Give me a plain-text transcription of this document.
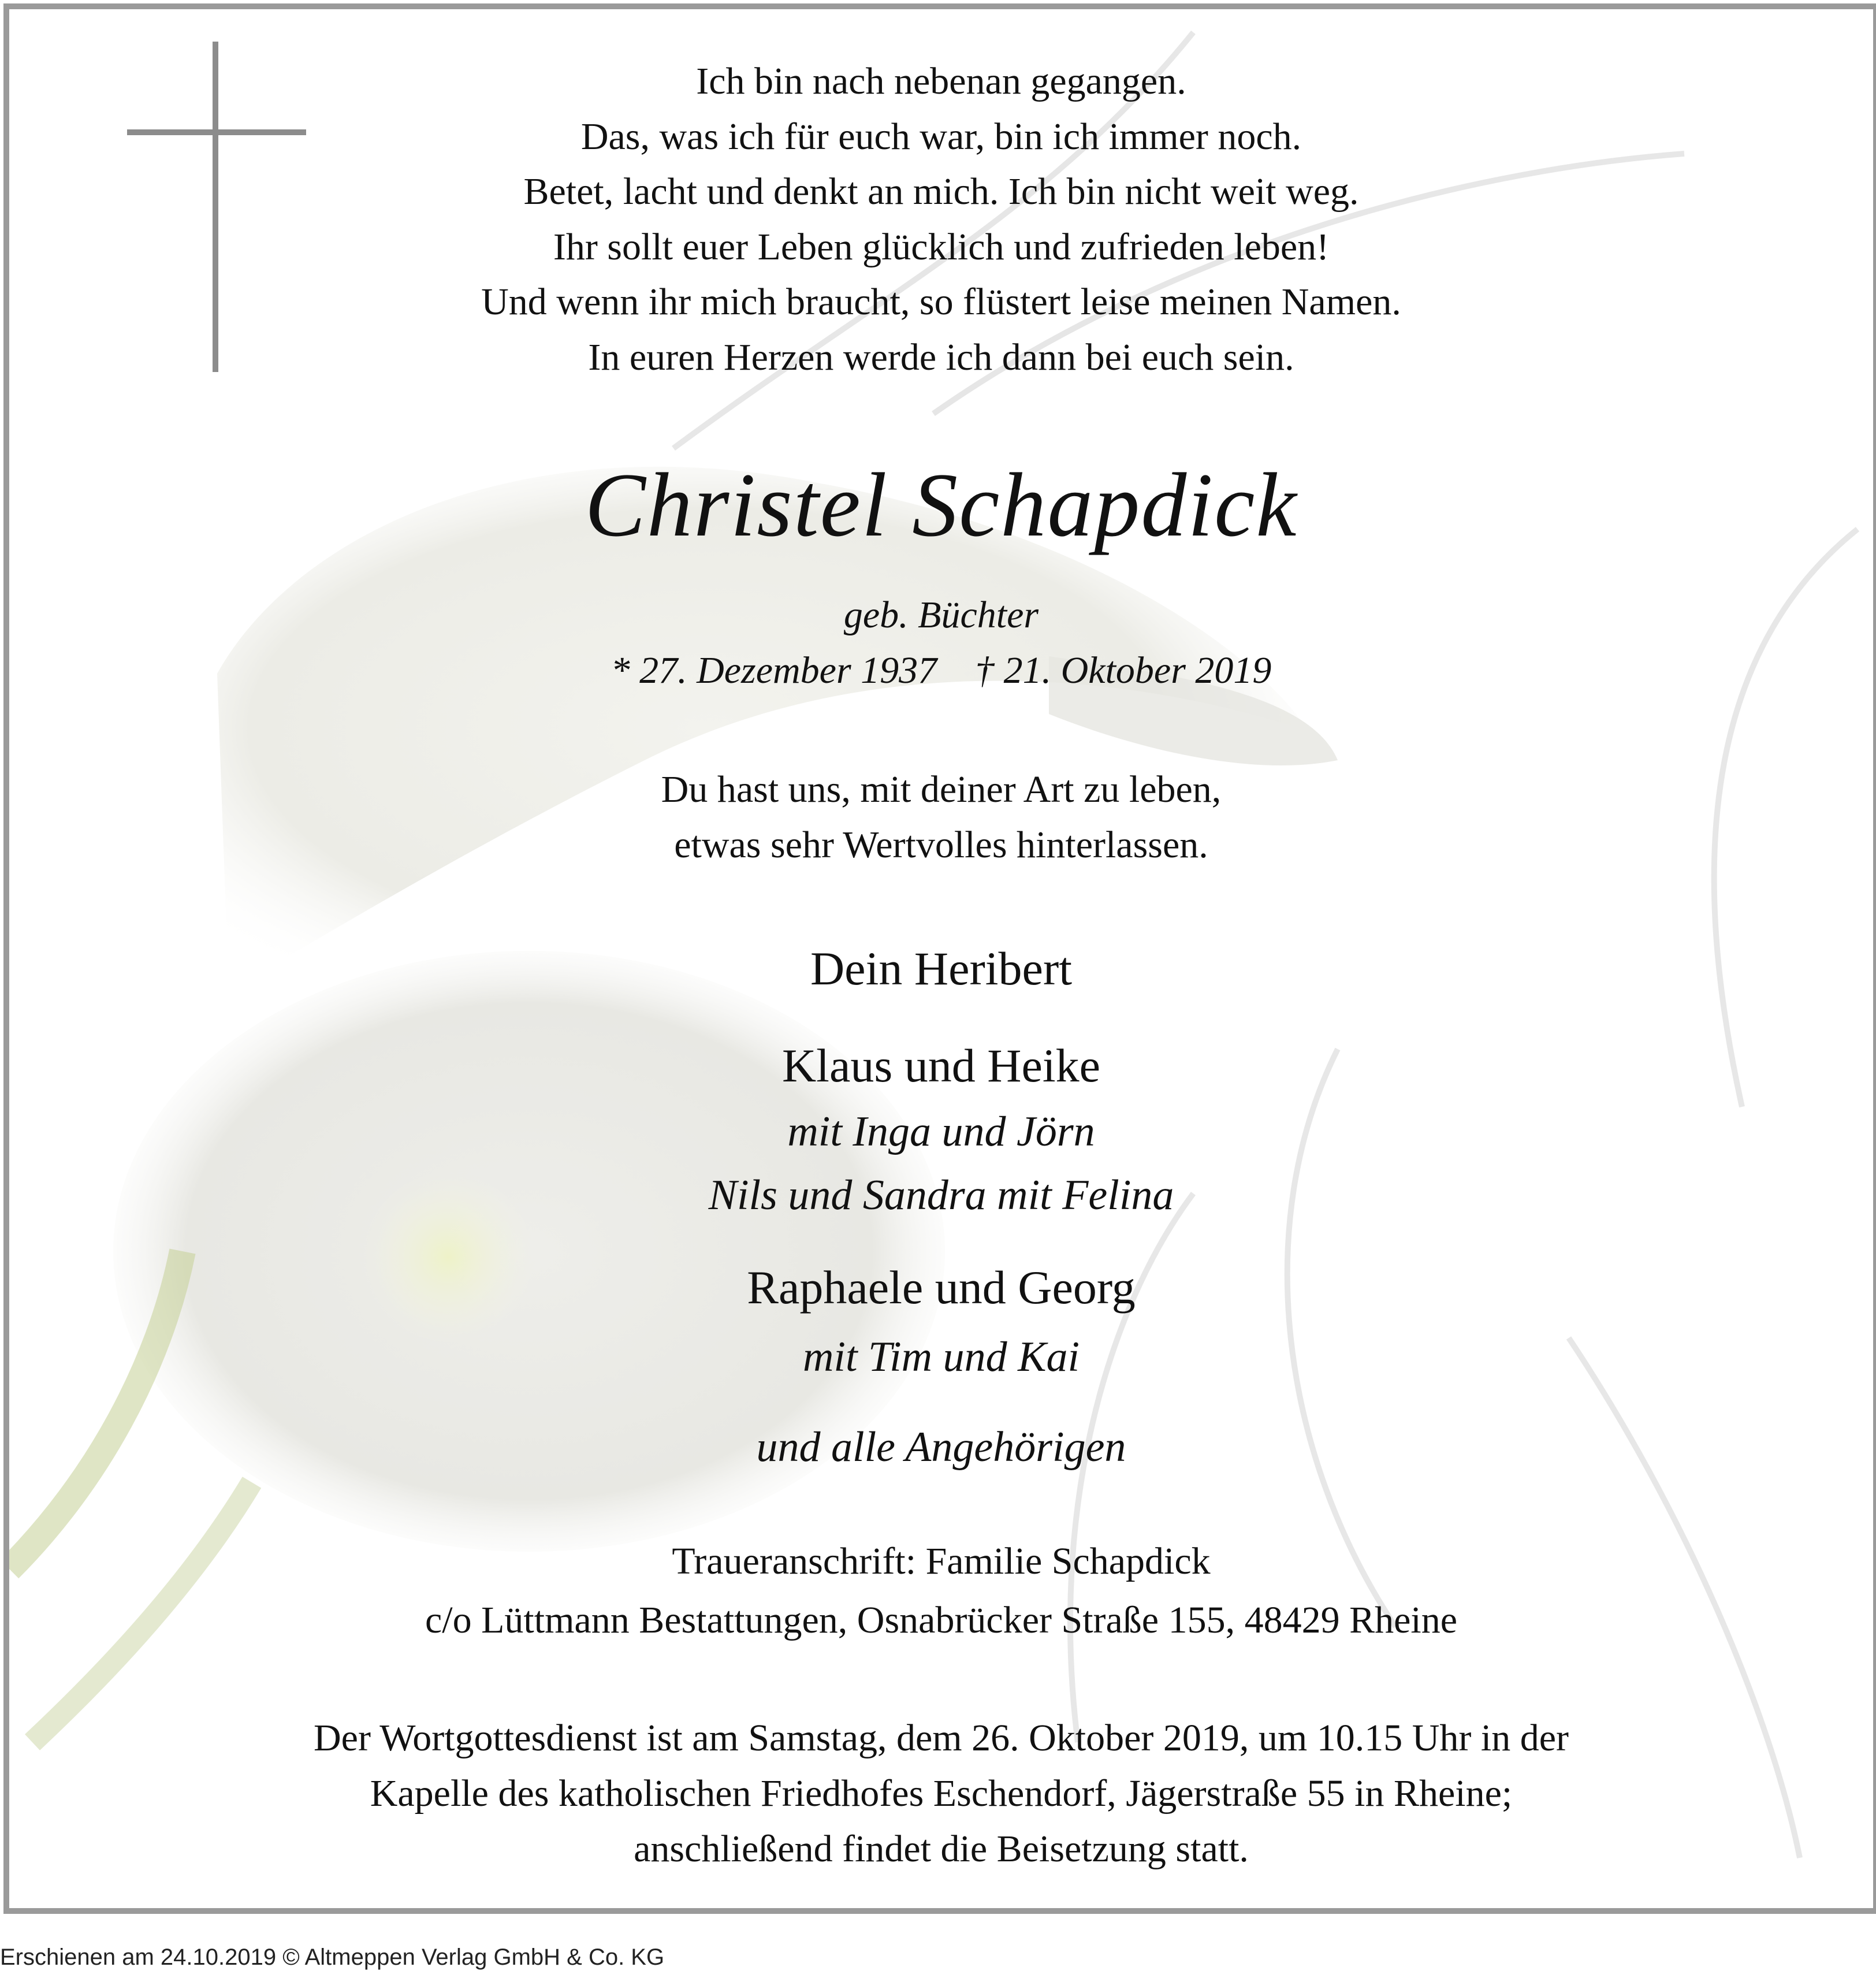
Ich bin nach nebenan gegangen.
Das, was ich für euch war, bin ich immer noch.
Betet, lacht und denkt an mich. Ich bin nicht weit weg.
Ihr sollt euer Leben glücklich und zufrieden leben!
Und wenn ihr mich braucht, so flüstert leise meinen Namen.
In euren Herzen werde ich dann bei euch sein.
Christel Schapdick
geb. Büchter
* 27. Dezember 1937    † 21. Oktober 2019
Du hast uns, mit deiner Art zu leben,
etwas sehr Wertvolles hinterlassen.
Dein Heribert
Klaus und Heike
mit Inga und Jörn
Nils und Sandra mit Felina
Raphaele und Georg
mit Tim und Kai
und alle Angehörigen
Traueranschrift: Familie Schapdick
c/o Lüttmann Bestattungen, Osnabrücker Straße 155, 48429 Rheine
Der Wortgottesdienst ist am Samstag, dem 26. Oktober 2019, um 10.15 Uhr in der
Kapelle des katholischen Friedhofes Eschendorf, Jägerstraße 55 in Rheine;
anschließend findet die Beisetzung statt.
Erschienen am 24.10.2019 © Altmeppen Verlag GmbH & Co. KG
